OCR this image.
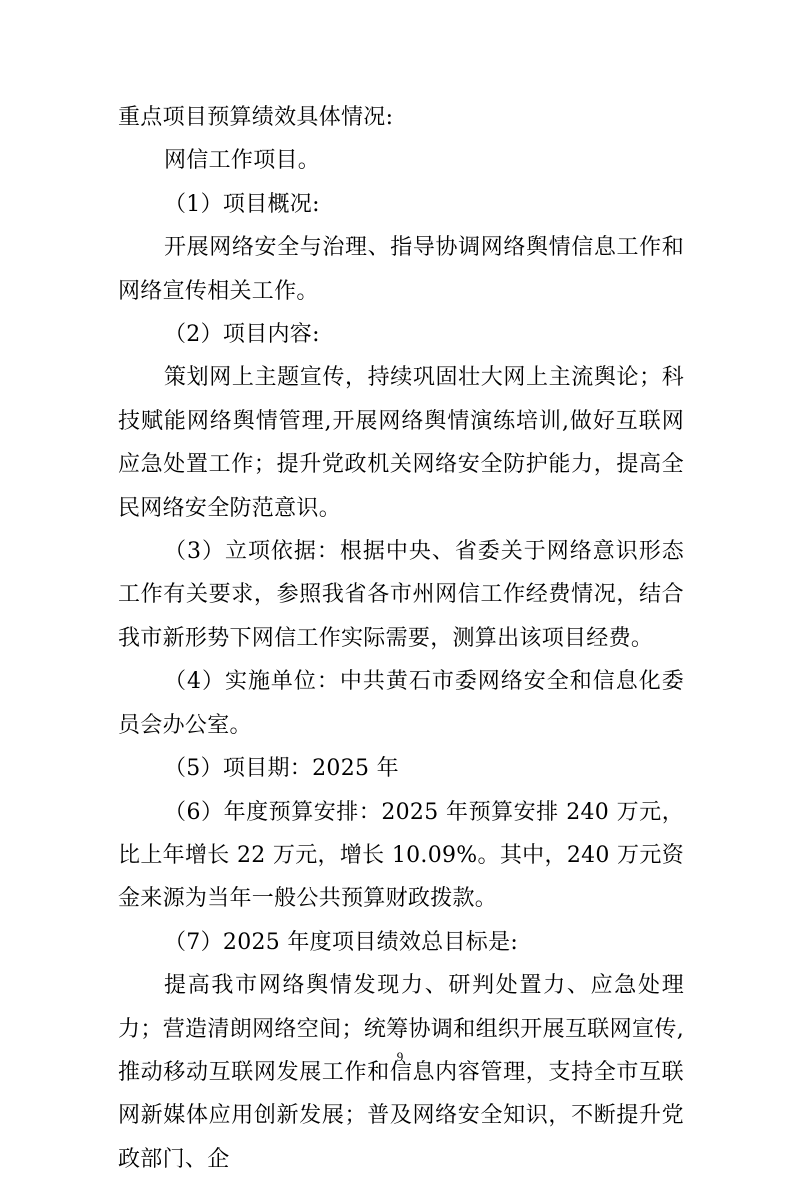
重点项目预算绩效具体情况:

网信工作项目。

（1）项目概况:

开展网络安全与治理、指导协调网络舆情信息工作和网络宣传相关工作。

（2）项目内容:

策划网上主题宣传，持续巩固壮大网上主流舆论；科技赋能网络舆情管理,开展网络舆情演练培训,做好互联网应急处置工作；提升党政机关网络安全防护能力，提高全民网络安全防范意识。

（3）立项依据：根据中央、省委关于网络意识形态工作有关要求，参照我省各市州网信工作经费情况，结合我市新形势下网信工作实际需要，测算出该项目经费。

（4）实施单位：中共黄石市委网络安全和信息化委员会办公室。

（5）项目期：2025 年

（6）年度预算安排：2025 年预算安排 240 万元，比上年增长 22 万元，增长 10.09%。其中，240 万元资金来源为当年一般公共预算财政拨款。

（7）2025 年度项目绩效总目标是:

提高我市网络舆情发现力、研判处置力、应急处理力；营造清朗网络空间；统筹协调和组织开展互联网宣传,推动移动互联网发展工作和信息内容管理，支持全市互联网新媒体应用创新发展；普及网络安全知识，不断提升党政部门、企

9
